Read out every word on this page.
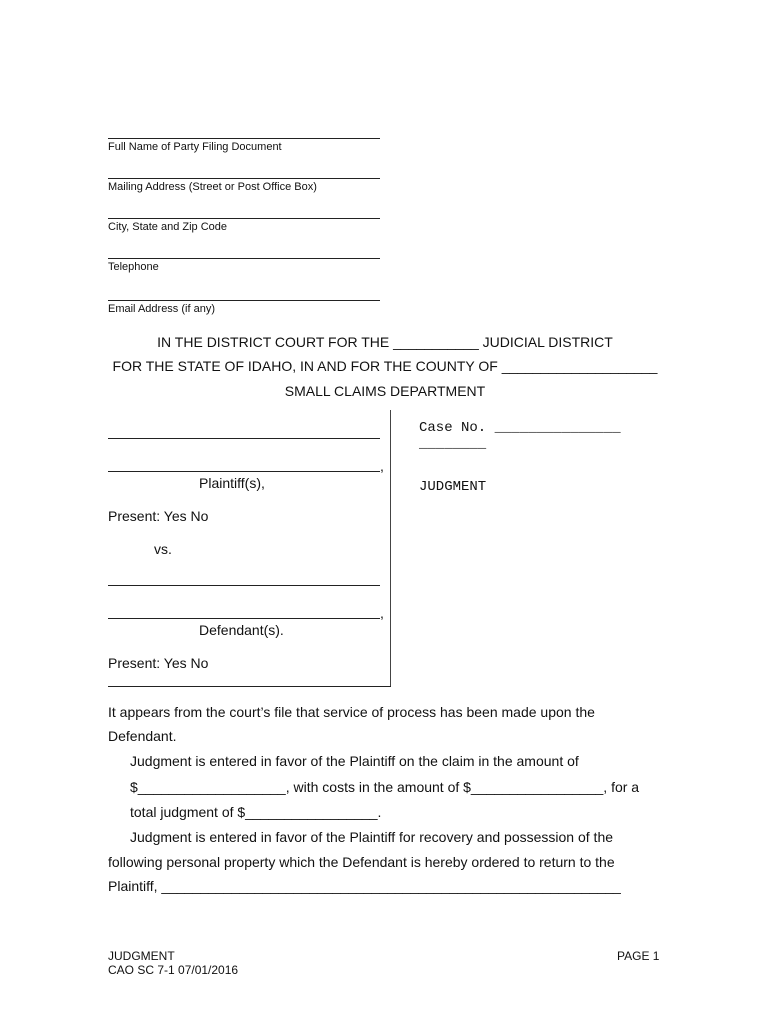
Full Name of Party Filing Document
Mailing Address (Street or Post Office Box)
City, State and Zip Code
Telephone
Email Address (if any)
IN THE DISTRICT COURT FOR THE ___________ JUDICIAL DISTRICT
FOR THE STATE OF IDAHO, IN AND FOR THE COUNTY OF ____________________
SMALL CLAIMS DEPARTMENT
,
Plaintiff(s),
Present: Yes No
vs.
,
Defendant(s).
Present: Yes No
Case No. _______________
________
JUDGMENT
It appears from the court’s file that service of process has been made upon the
Defendant.
Judgment is entered in favor of the Plaintiff on the claim in the amount of
$___________________, with costs in the amount of $_________________, for a
total judgment of $_________________.
Judgment is entered in favor of the Plaintiff for recovery and possession of the
following personal property which the Defendant is hereby ordered to return to the
Plaintiff, ___________________________________________________________
JUDGMENT
CAO SC 7-1 07/01/2016
PAGE 1
